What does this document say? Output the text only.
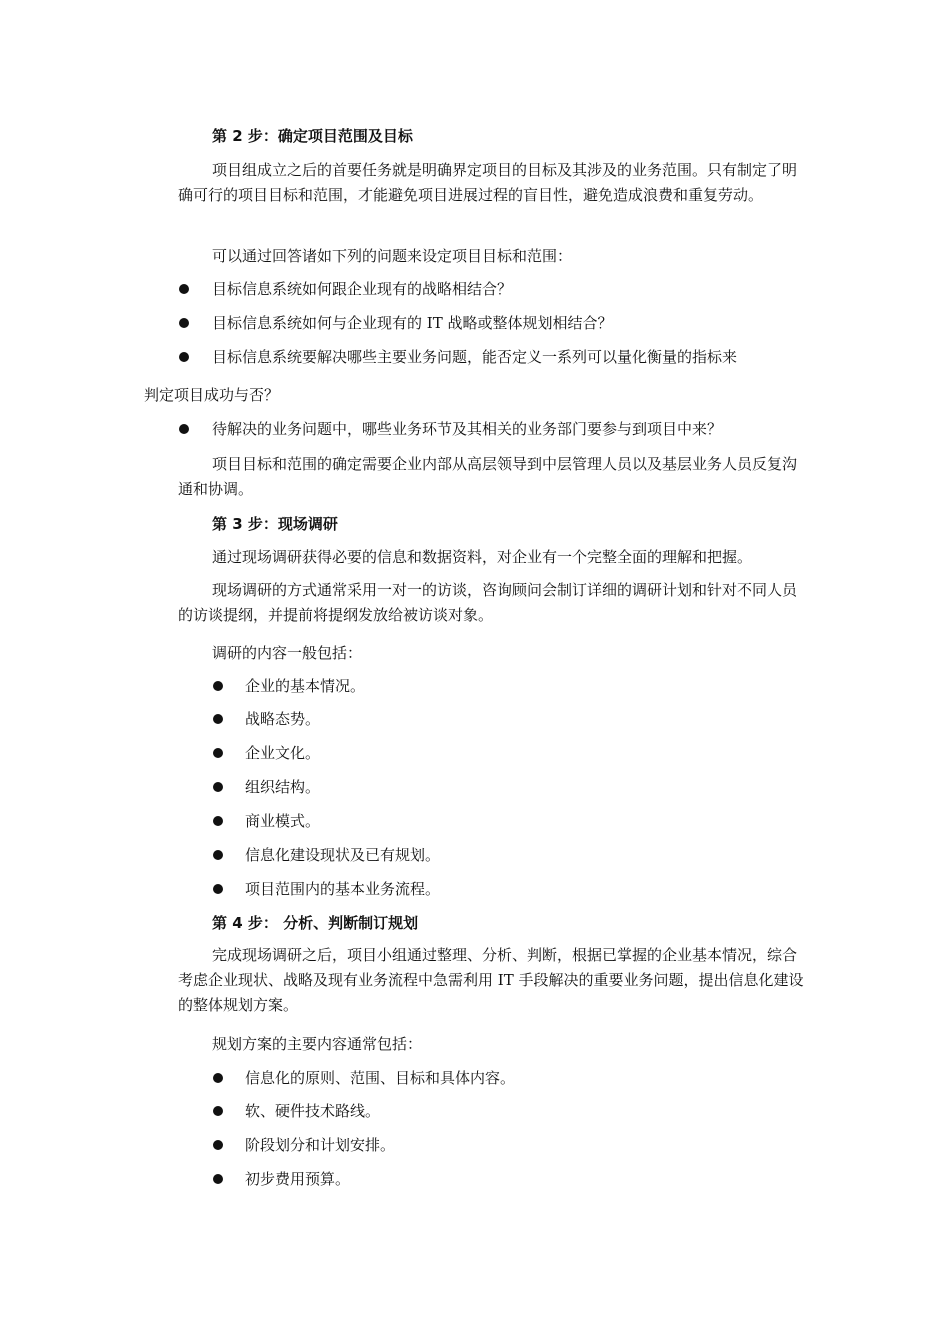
第 2 步：确定项目范围及目标

项目组成立之后的首要任务就是明确界定项目的目标及其涉及的业务范围。只有制定了明确可行的项目目标和范围，才能避免项目进展过程的盲目性，避免造成浪费和重复劳动。

可以通过回答诸如下列的问题来设定项目目标和范围：
目标信息系统如何跟企业现有的战略相结合？
目标信息系统如何与企业现有的 IT 战略或整体规划相结合？
目标信息系统要解决哪些主要业务问题，能否定义一系列可以量化衡量的指标来
判定项目成功与否？
待解决的业务问题中，哪些业务环节及其相关的业务部门要参与到项目中来？

项目目标和范围的确定需要企业内部从高层领导到中层管理人员以及基层业务人员反复沟通和协调。

第 3 步：现场调研
通过现场调研获得必要的信息和数据资料，对企业有一个完整全面的理解和把握。

现场调研的方式通常采用一对一的访谈，咨询顾问会制订详细的调研计划和针对不同人员的访谈提纲，并提前将提纲发放给被访谈对象。

调研的内容一般包括：
企业的基本情况。
战略态势。
企业文化。
组织结构。
商业模式。
信息化建设现状及已有规划。
项目范围内的基本业务流程。
第 4 步： 分析、判断制订规划

完成现场调研之后，项目小组通过整理、分析、判断，根据已掌握的企业基本情况，综合考虑企业现状、战略及现有业务流程中急需利用 IT 手段解决的重要业务问题，提出信息化建设的整体规划方案。

规划方案的主要内容通常包括：
信息化的原则、范围、目标和具体内容。
软、硬件技术路线。
阶段划分和计划安排。
初步费用预算。
